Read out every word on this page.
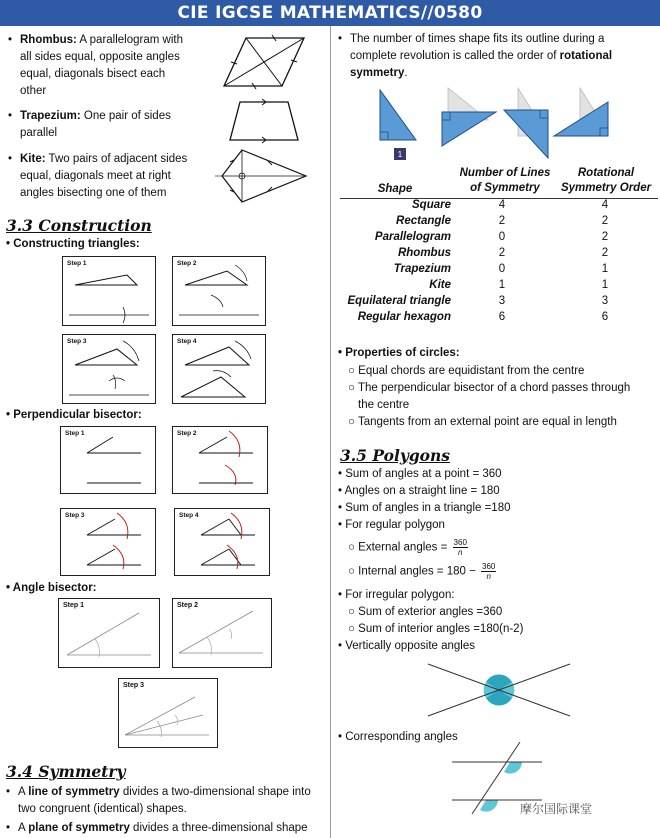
CIE IGCSE MATHEMATICS//0580
• Rhombus: A parallelogram with
all sides equal, opposite angles
equal, diagonals bisect each
other
• Trapezium: One pair of sides
parallel
• Kite: Two pairs of adjacent sides
equal, diagonals meet at right
angles bisecting one of them
3.3 Construction
• Constructing triangles:
Step 1	Step 2
Step 3	Step 4
• Perpendicular bisector:
Step 1	Step 2
Step 3	Step 4
• Angle bisector:
Step 1	Step 2
Step 3
3.4 Symmetry
• A line of symmetry divides a two-dimensional shape into
two congruent (identical) shapes.
• A plane of symmetry divides a three-dimensional shape
• The number of times shape fits its outline during a
complete revolution is called the order of rotational
symmetry.
1
Shape
Number of Lines
of Symmetry
Rotational
Symmetry Order
Square	4	4
Rectangle	2	2
Parallelogram	0	2
Rhombus	2	2
Trapezium	0	1
Kite	1	1
Equilateral triangle	3	3
Regular hexagon	6	6
• Properties of circles:
○ Equal chords are equidistant from the centre
○ The perpendicular bisector of a chord passes through
the centre
○ Tangents from an external point are equal in length
3.5 Polygons
• Sum of angles at a point = 360
• Angles on a straight line = 180
• Sum of angles in a triangle =180
• For regular polygon
○ External angles = $\frac{360}{n}$
○ Internal angles = $180 - \frac{360}{n}$
• For irregular polygon:
○ Sum of exterior angles =360
○ Sum of interior angles =180(n-2)
• Vertically opposite angles
• Corresponding angles
摩尔国际课堂
